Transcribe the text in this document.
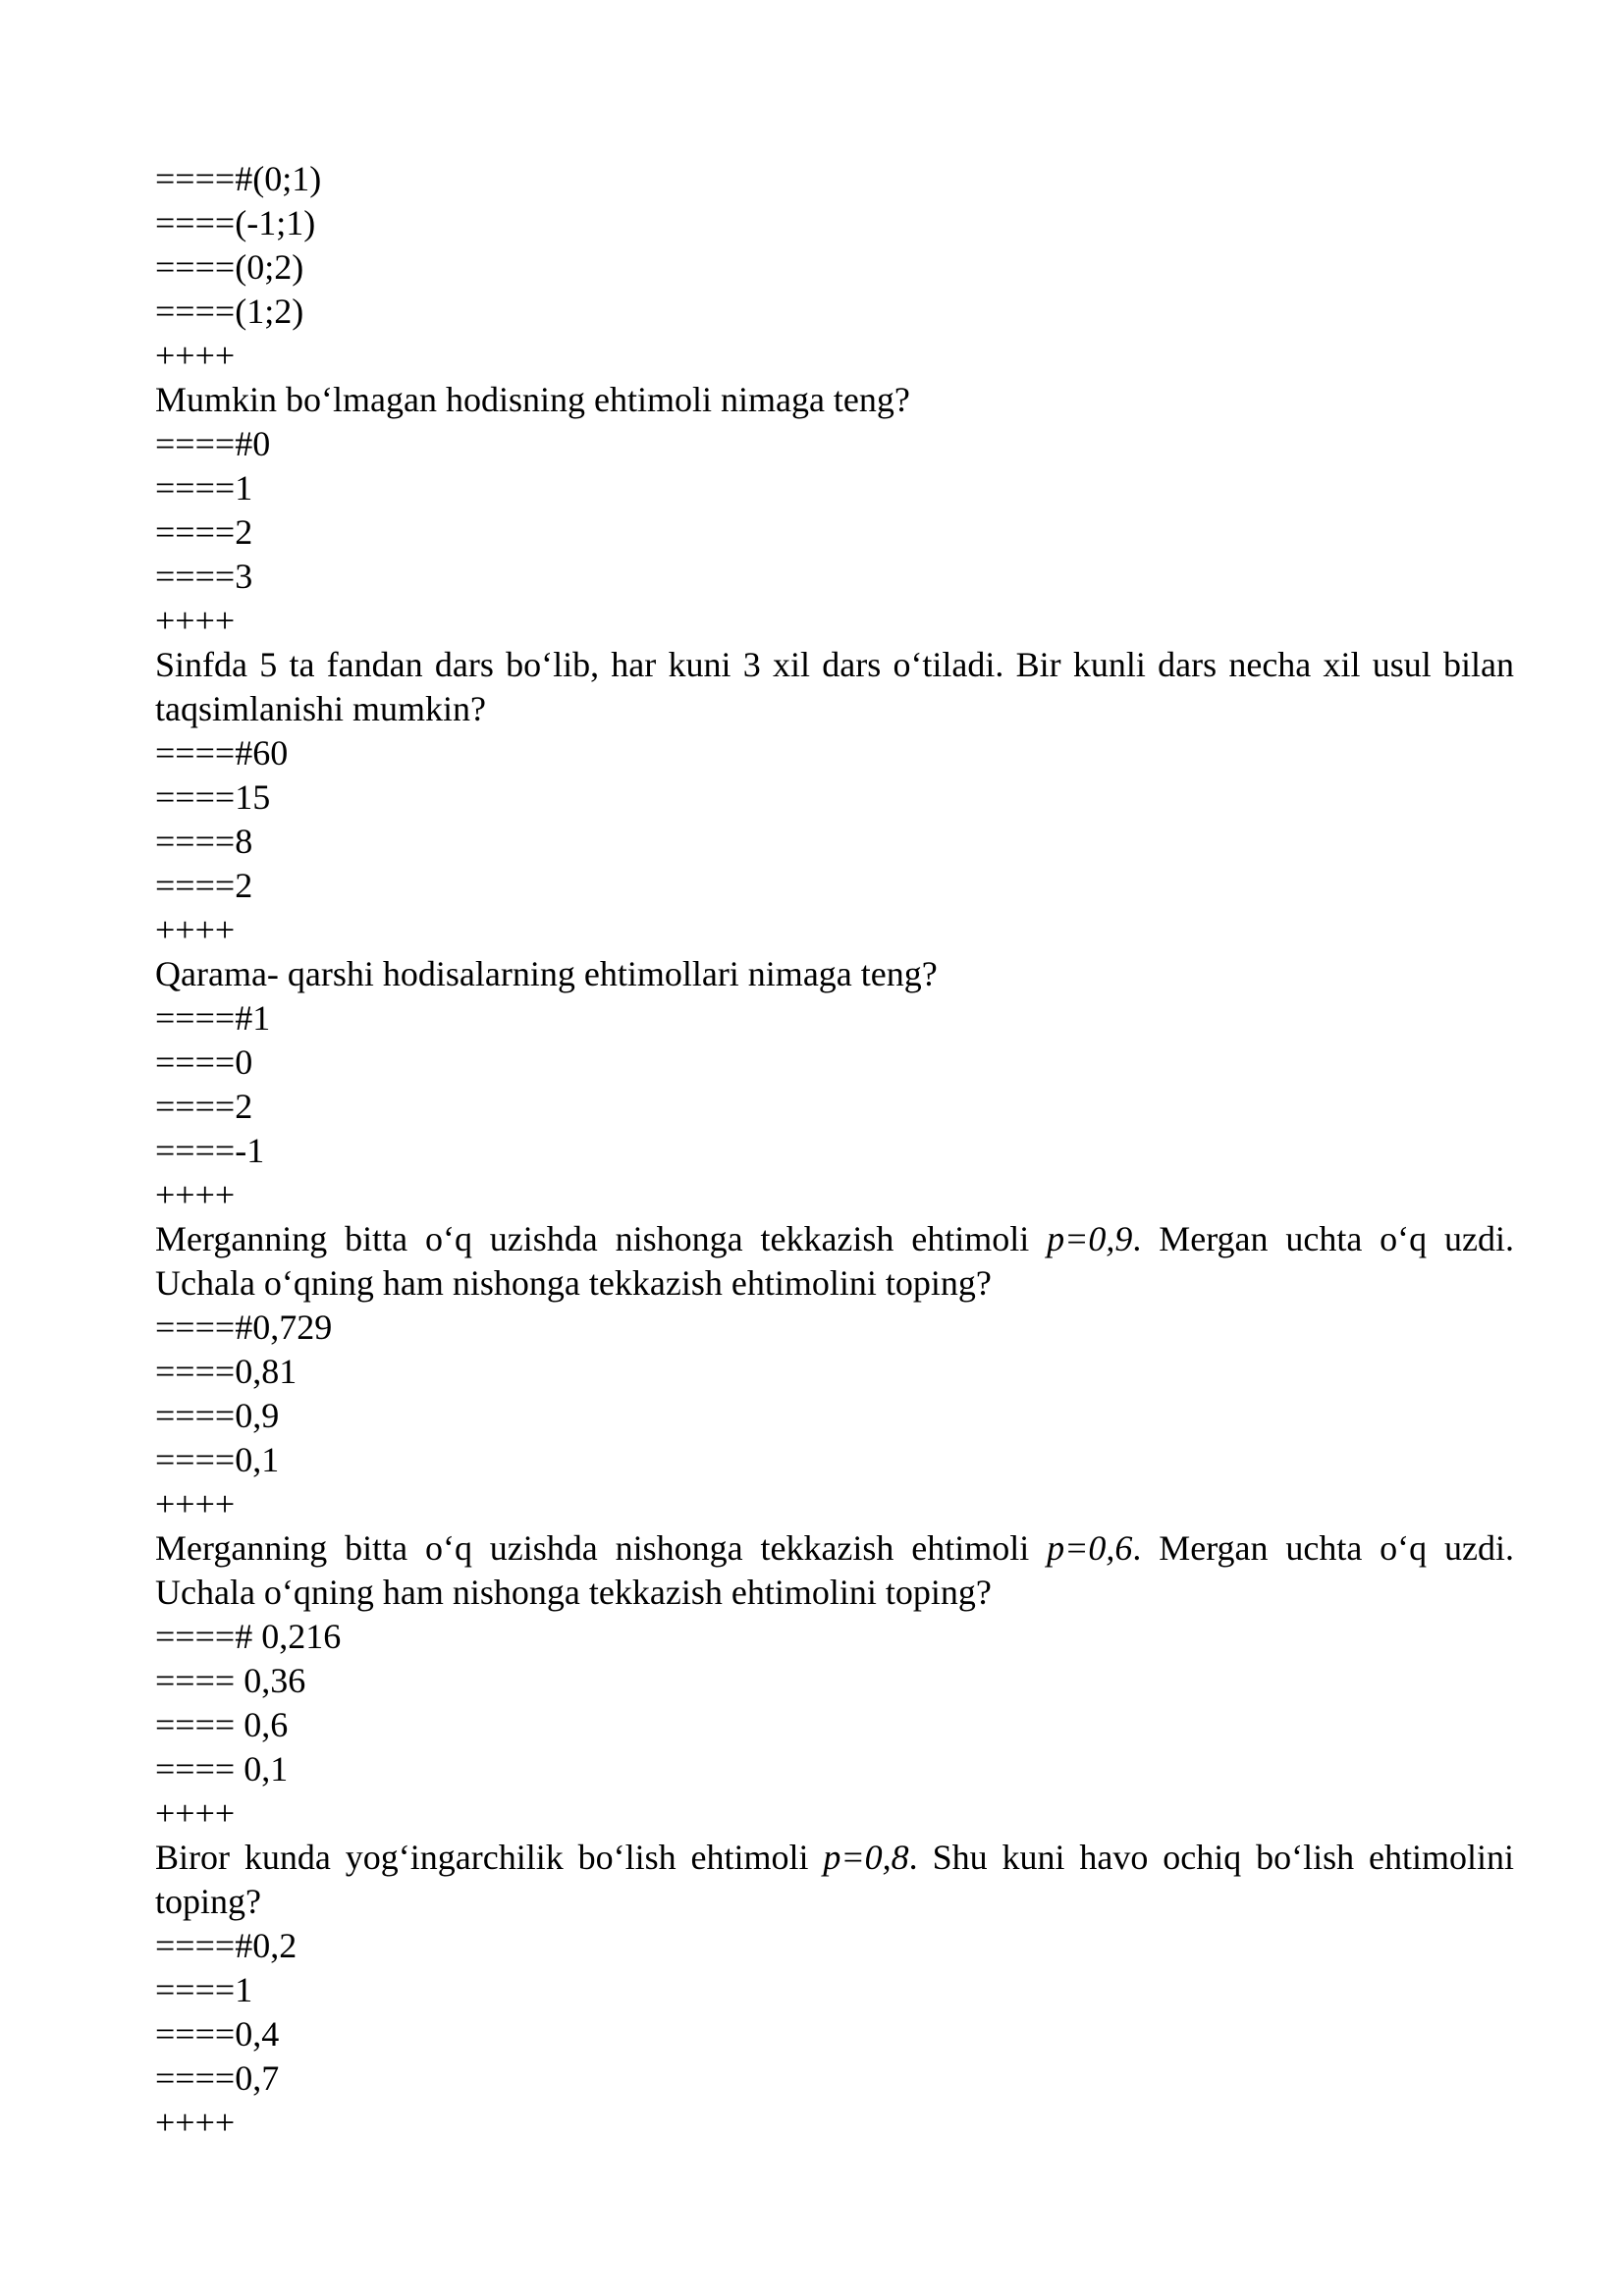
====#(0;1)
====(-1;1)
====(0;2)
====(1;2)
++++
Mumkin boʻlmagan hodisning ehtimoli nimaga teng?
====#0
====1
====2
====3
++++
Sinfda 5 ta fandan dars boʻlib, har kuni 3 xil dars oʻtiladi. Bir kunli dars necha xil usul bilan taqsimlanishi mumkin?
====#60
====15
====8
====2
++++
Qarama- qarshi hodisalarning ehtimollari nimaga teng?
====#1
====0
====2
====-1
++++
Merganning bitta oʻq uzishda nishonga tekkazish ehtimoli p=0,9. Mergan uchta oʻq uzdi. Uchala oʻqning ham nishonga tekkazish ehtimolini toping?
====#0,729
====0,81
====0,9
====0,1
++++
Merganning bitta oʻq uzishda nishonga tekkazish ehtimoli p=0,6. Mergan uchta oʻq uzdi. Uchala oʻqning ham nishonga tekkazish ehtimolini toping?
====# 0,216
==== 0,36
==== 0,6
==== 0,1
++++
Biror kunda yogʻingarchilik boʻlish ehtimoli p=0,8. Shu kuni havo ochiq boʻlish ehtimolini toping?
====#0,2
====1
====0,4
====0,7
++++
